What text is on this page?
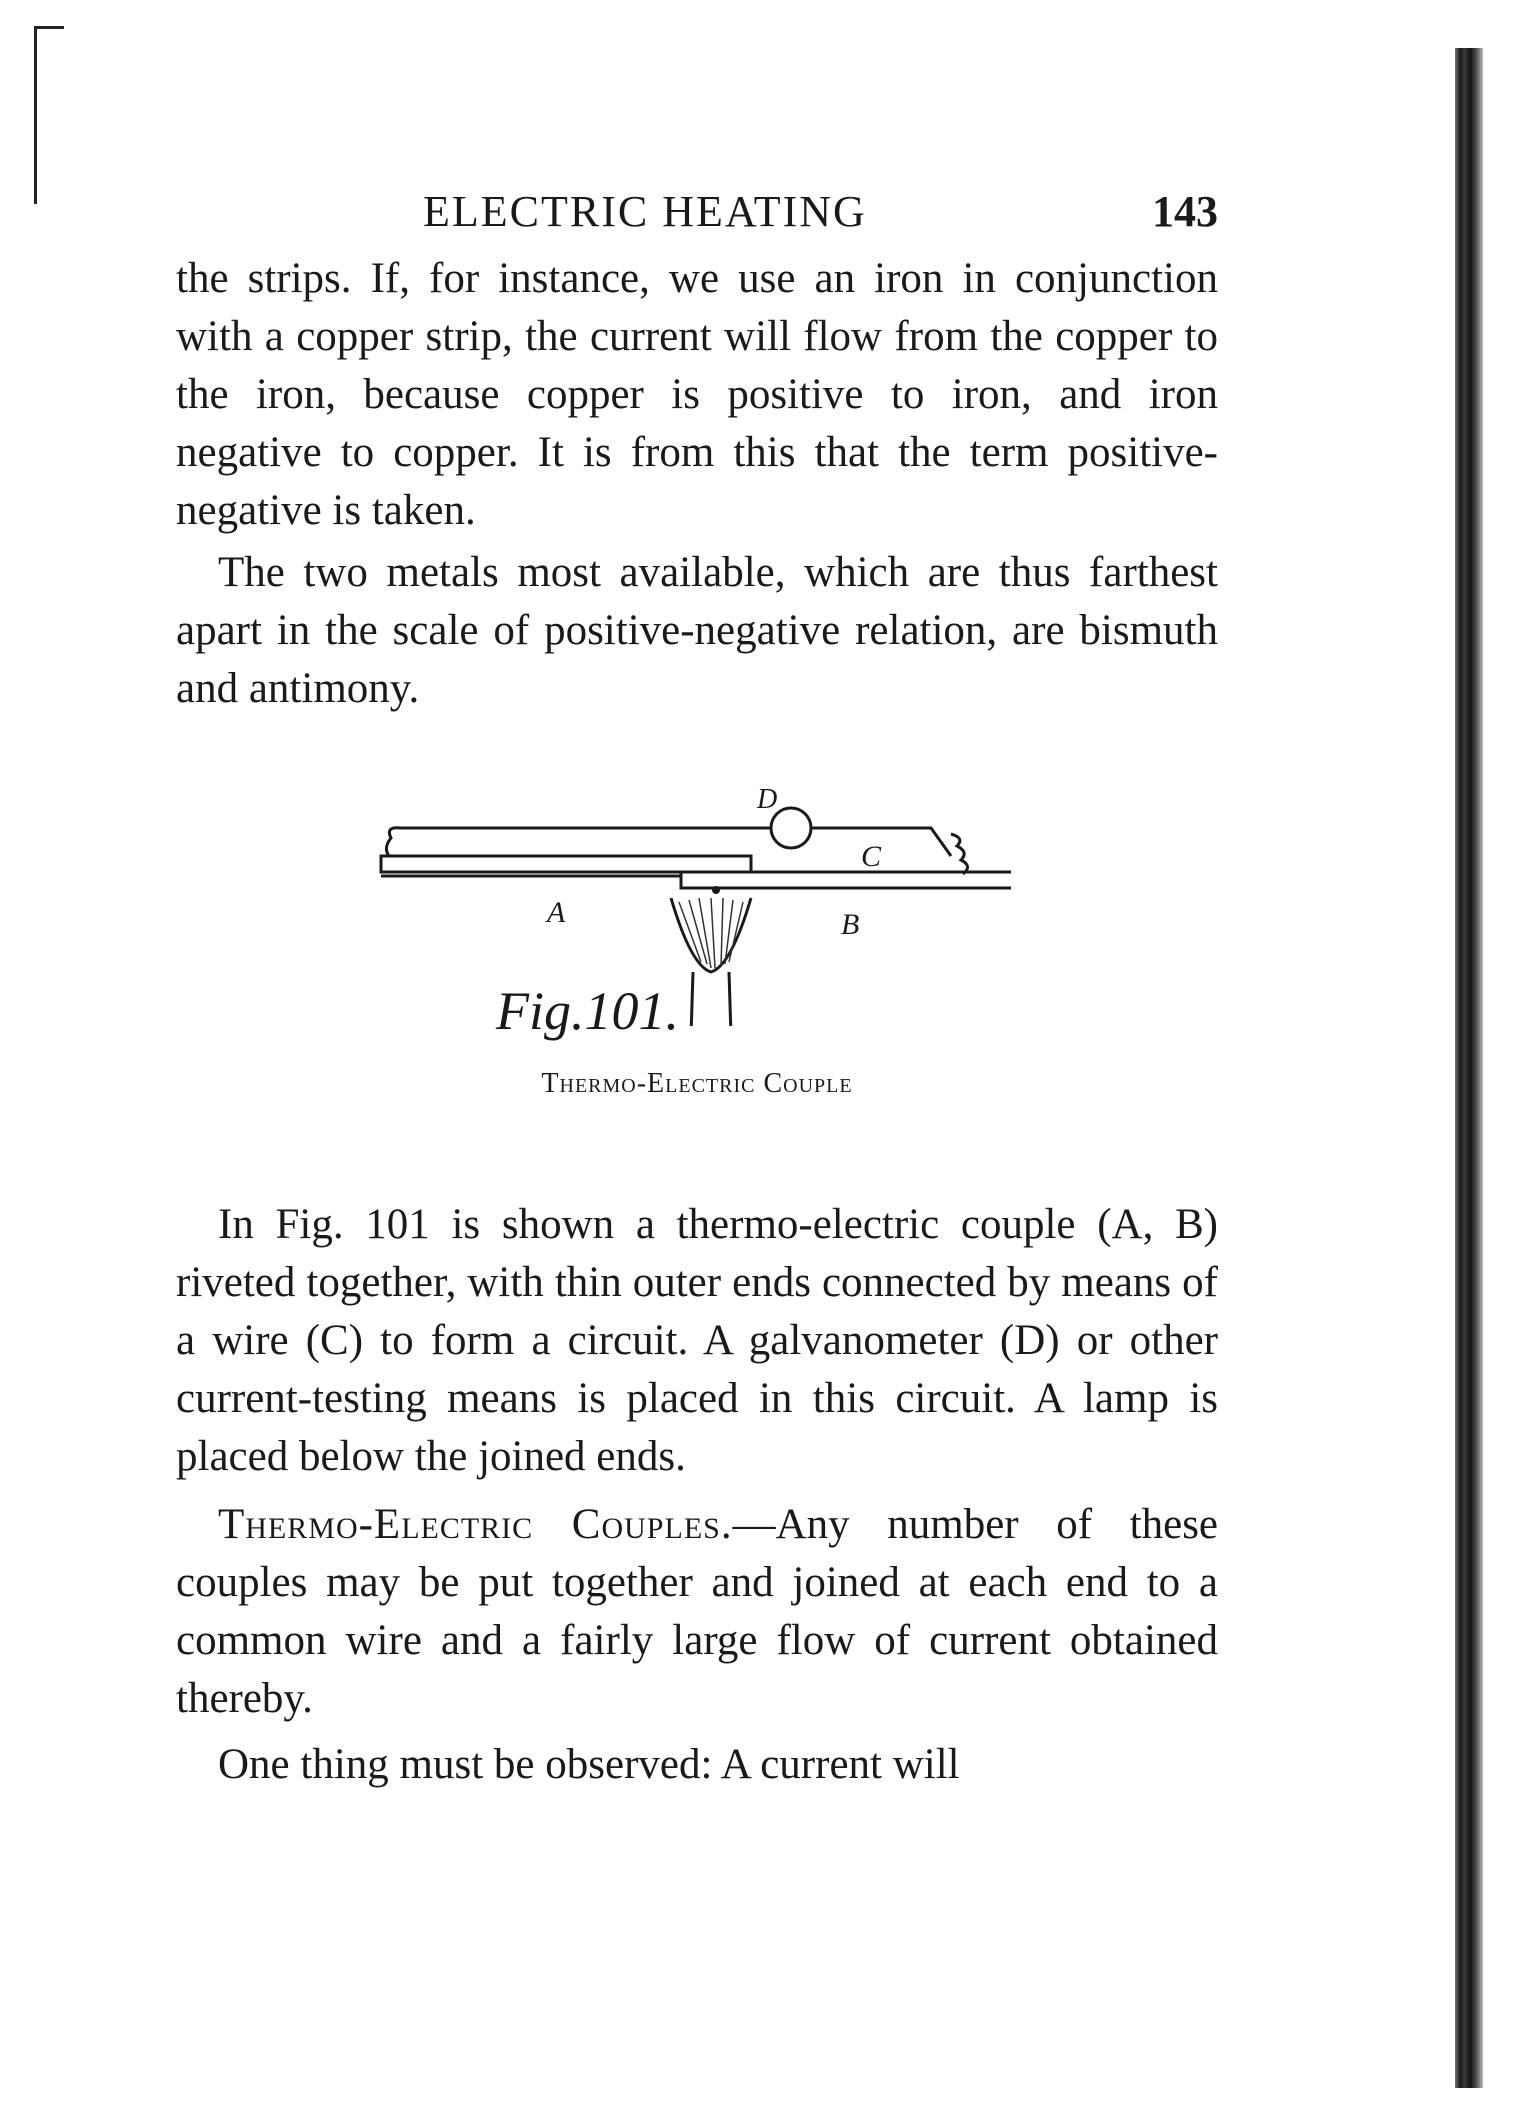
ELECTRIC HEATING	143

the strips. If, for instance, we use an iron in conjunction with a copper strip, the current will flow from the copper to the iron, because copper is positive to iron, and iron negative to copper. It is from this that the term positive-negative is taken.

The two metals most available, which are thus farthest apart in the scale of positive-negative relation, are bismuth and antimony.

D
C
A	B
Fig.101.
Thermo-Electric Couple

In Fig. 101 is shown a thermo-electric couple (A, B) riveted together, with thin outer ends connected by means of a wire (C) to form a circuit. A galvanometer (D) or other current-testing means is placed in this circuit. A lamp is placed below the joined ends.

Thermo-Electric Couples.—Any number of these couples may be put together and joined at each end to a common wire and a fairly large flow of current obtained thereby.

One thing must be observed: A current will
